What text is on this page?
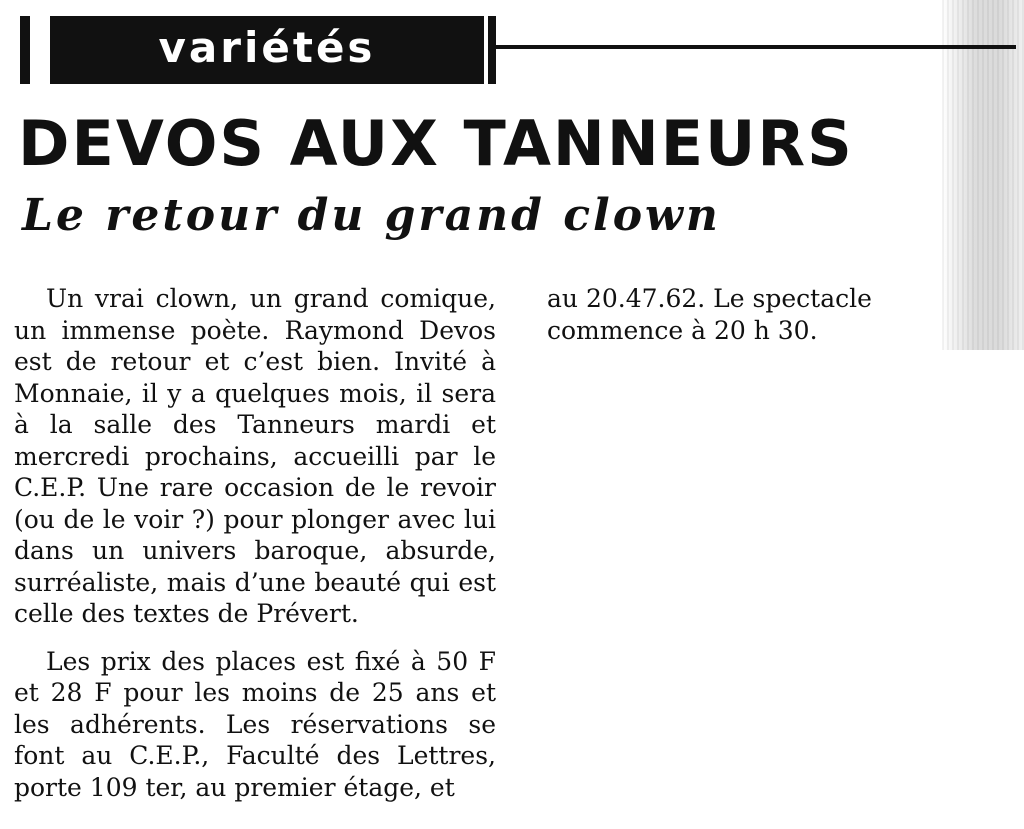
variétés
DEVOS AUX TANNEURS
Le retour du grand clown

Un vrai clown, un grand comique, un immense poète. Raymond Devos est de retour et c’est bien. Invité à Monnaie, il y a quelques mois, il sera à la salle des Tanneurs mardi et mercredi prochains, accueilli par le C.E.P. Une rare occasion de le revoir (ou de le voir ?) pour plonger avec lui dans un univers baroque, absurde, surréaliste, mais d’une beauté qui est celle des textes de Prévert.

Les prix des places est fixé à 50 F et 28 F pour les moins de 25 ans et les adhérents. Les réservations se font au C.E.P., Faculté des Lettres, porte 109 ter, au premier étage, et

au 20.47.62. Le spectacle commence à 20 h 30.
